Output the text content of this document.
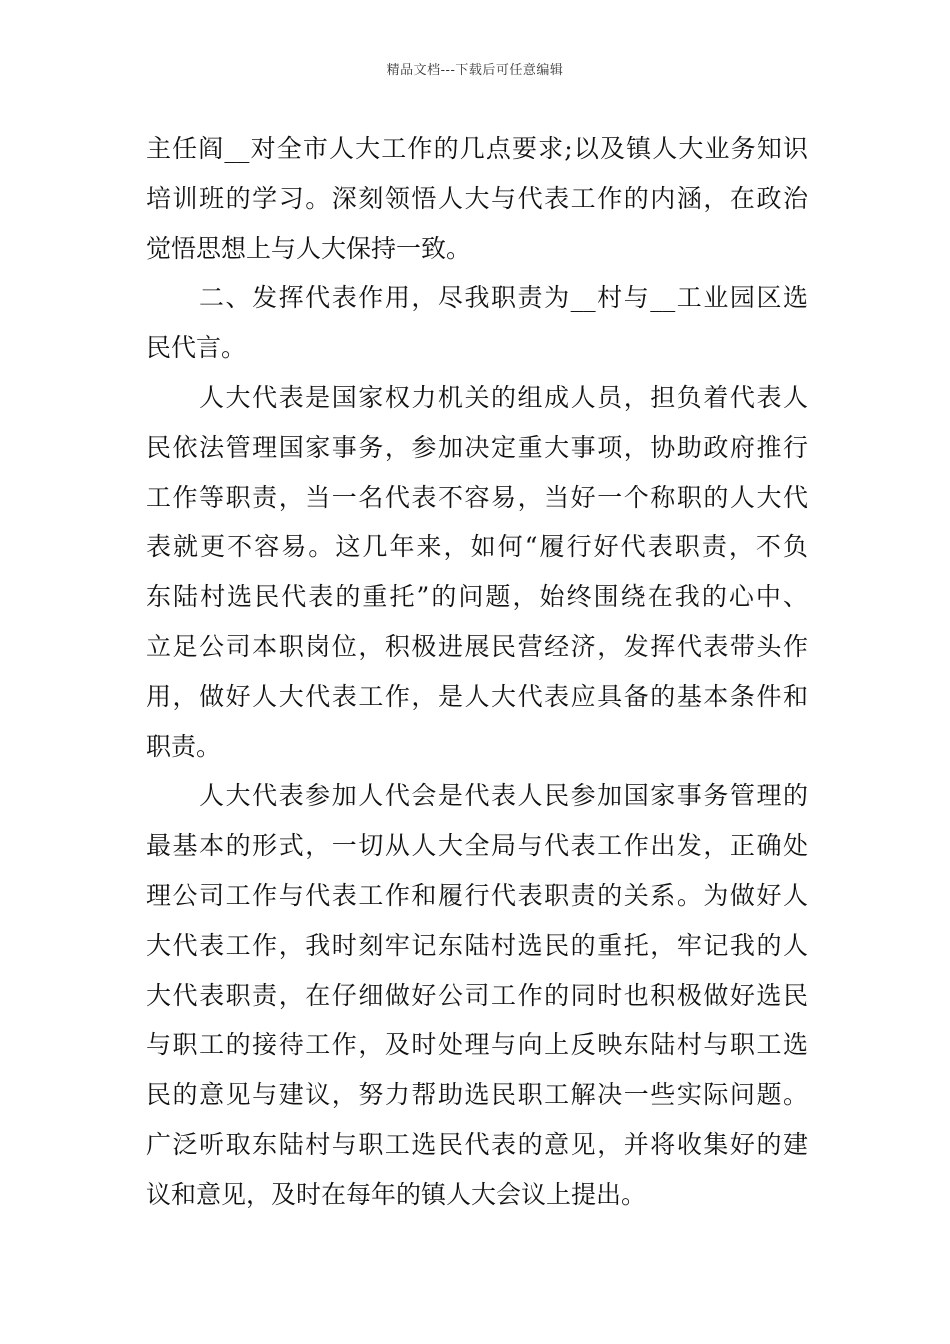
精品文档---下载后可任意编辑
主任阎__对全市人大工作的几点要求;以及镇人大业务知识
培训班的学习。深刻领悟人大与代表工作的内涵，在政治
觉悟思想上与人大保持一致。
二、发挥代表作用，尽我职责为__村与__工业园区选
民代言。
人大代表是国家权力机关的组成人员，担负着代表人
民依法管理国家事务，参加决定重大事项，协助政府推行
工作等职责，当一名代表不容易，当好一个称职的人大代
表就更不容易。这几年来，如何“履行好代表职责，不负
东陆村选民代表的重托”的问题，始终围绕在我的心中、
立足公司本职岗位，积极进展民营经济，发挥代表带头作
用，做好人大代表工作，是人大代表应具备的基本条件和
职责。
人大代表参加人代会是代表人民参加国家事务管理的
最基本的形式，一切从人大全局与代表工作出发，正确处
理公司工作与代表工作和履行代表职责的关系。为做好人
大代表工作，我时刻牢记东陆村选民的重托，牢记我的人
大代表职责，在仔细做好公司工作的同时也积极做好选民
与职工的接待工作，及时处理与向上反映东陆村与职工选
民的意见与建议，努力帮助选民职工解决一些实际问题。
广泛听取东陆村与职工选民代表的意见，并将收集好的建
议和意见，及时在每年的镇人大会议上提出。
